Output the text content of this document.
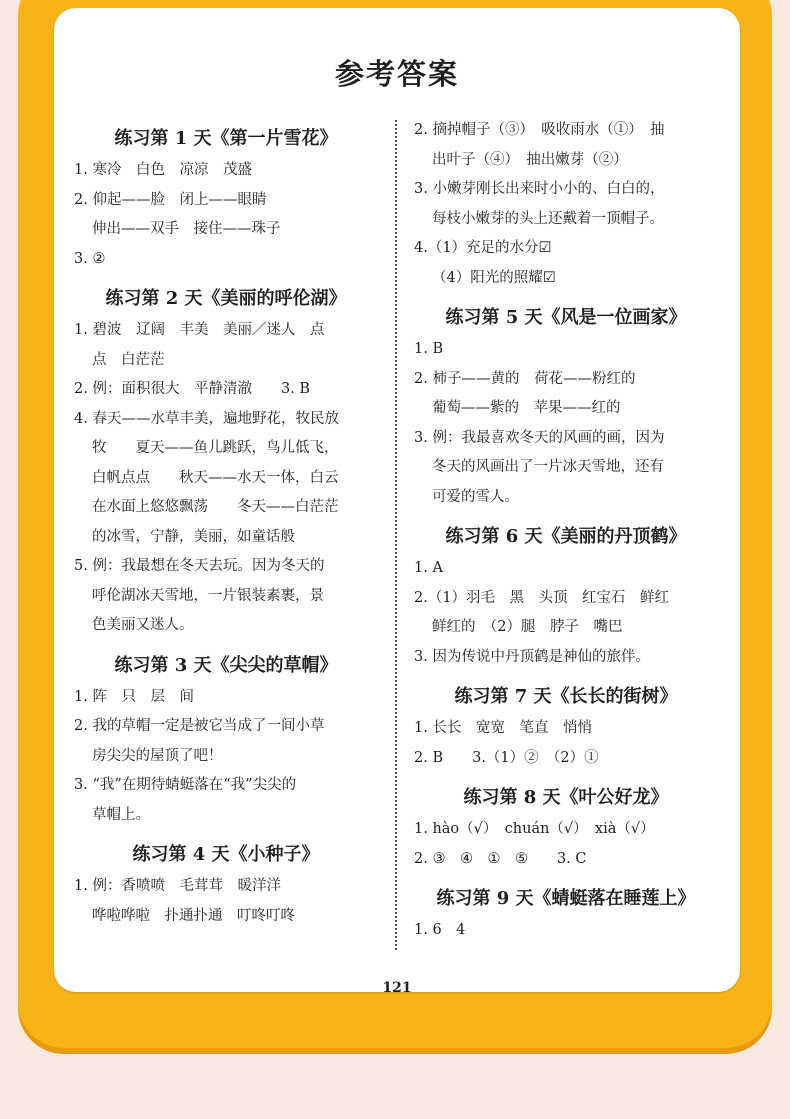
参考答案
练习第 1 天《第一片雪花》
1. 寒冷　白色　凉凉　茂盛
2. 仰起——脸　闭上——眼睛
伸出——双手　接住——珠子
3. ②
练习第 2 天《美丽的呼伦湖》
1. 碧波　辽阔　丰美　美丽／迷人　点
点　白茫茫
2. 例：面积很大　平静清澈　　3. B
4. 春天——水草丰美，遍地野花，牧民放
牧　　夏天——鱼儿跳跃，鸟儿低飞，
白帆点点　　秋天——水天一体，白云
在水面上悠悠飘荡　　冬天——白茫茫
的冰雪，宁静，美丽，如童话般
5. 例：我最想在冬天去玩。因为冬天的
呼伦湖冰天雪地，一片银装素裹，景
色美丽又迷人。
练习第 3 天《尖尖的草帽》
1. 阵　只　层　间
2. 我的草帽一定是被它当成了一间小草
房尖尖的屋顶了吧！
3. “我”在期待蜻蜓落在“我”尖尖的
草帽上。
练习第 4 天《小种子》
1. 例：香喷喷　毛茸茸　暖洋洋
哗啦哗啦　扑通扑通　叮咚叮咚
2. 摘掉帽子（③）　吸收雨水（①）　抽
出叶子（④）　抽出嫩芽（②）
3. 小嫩芽刚长出来时小小的、白白的，
每枝小嫩芽的头上还戴着一顶帽子。
4.（1）充足的水分☑
（4）阳光的照耀☑
练习第 5 天《风是一位画家》
1. B
2. 柿子——黄的　荷花——粉红的
葡萄——紫的　苹果——红的
3. 例：我最喜欢冬天的风画的画，因为
冬天的风画出了一片冰天雪地，还有
可爱的雪人。
练习第 6 天《美丽的丹顶鹤》
1. A
2.（1）羽毛　黑　头顶　红宝石　鲜红
鲜红的　（2）腿　脖子　嘴巴
3. 因为传说中丹顶鹤是神仙的旅伴。
练习第 7 天《长长的街树》
1. 长长　宽宽　笔直　悄悄
2. B　　3.（1）②　（2）①
练习第 8 天《叶公好龙》
1. hào（√）　chuán（√）　xià（√）
2. ③　④　①　⑤　　3. C
练习第 9 天《蜻蜓落在睡莲上》
1. 6　4
121
